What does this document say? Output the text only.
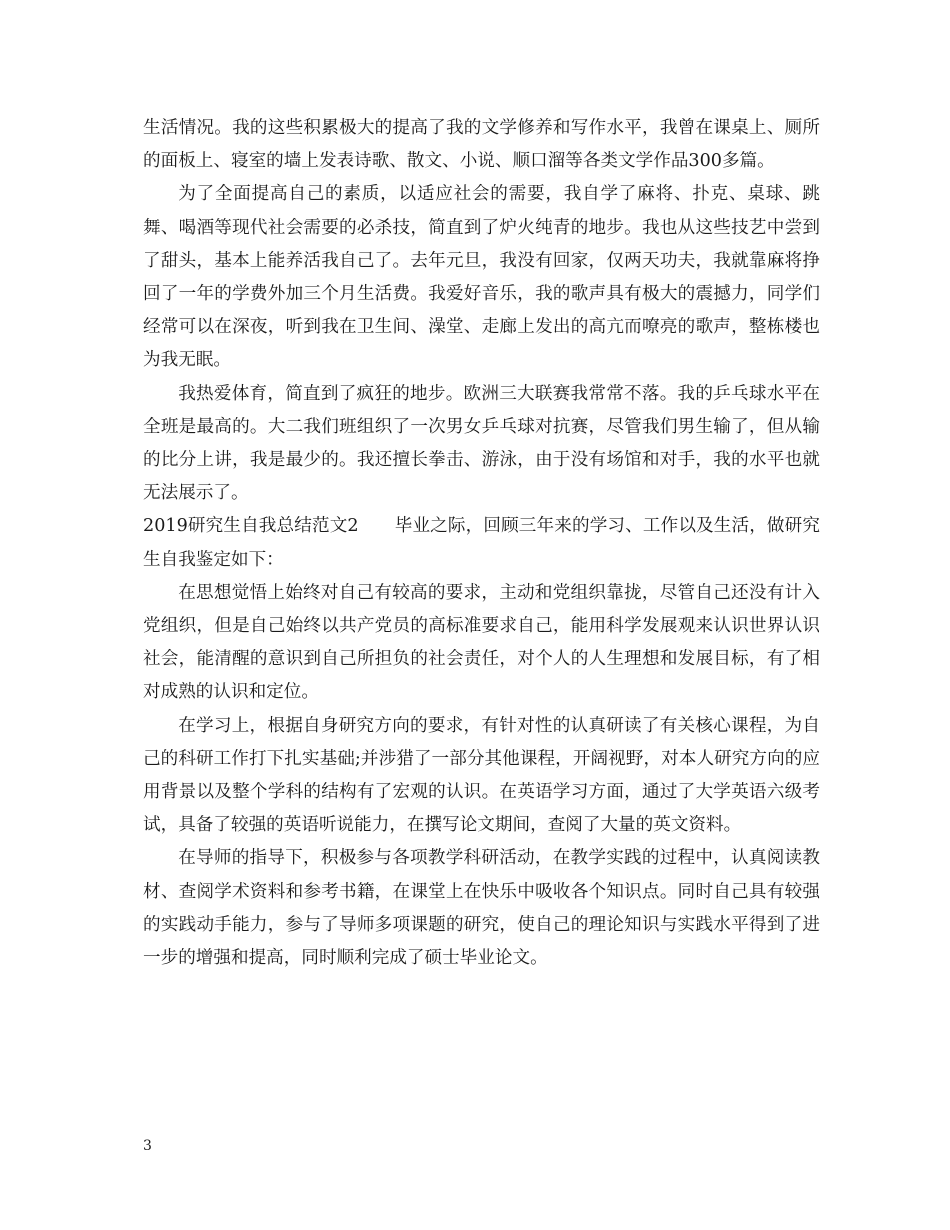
生活情况。我的这些积累极大的提高了我的文学修养和写作水平，我曾在课桌上、厕所的面板上、寝室的墙上发表诗歌、散文、小说、顺口溜等各类文学作品300多篇。

为了全面提高自己的素质，以适应社会的需要，我自学了麻将、扑克、桌球、跳舞、喝酒等现代社会需要的必杀技，简直到了炉火纯青的地步。我也从这些技艺中尝到了甜头，基本上能养活我自己了。去年元旦，我没有回家，仅两天功夫，我就靠麻将挣回了一年的学费外加三个月生活费。我爱好音乐，我的歌声具有极大的震撼力，同学们经常可以在深夜，听到我在卫生间、澡堂、走廊上发出的高亢而嘹亮的歌声，整栋楼也为我无眠。

我热爱体育，简直到了疯狂的地步。欧洲三大联赛我常常不落。我的乒乓球水平在全班是最高的。大二我们班组织了一次男女乒乓球对抗赛，尽管我们男生输了，但从输的比分上讲，我是最少的。我还擅长拳击、游泳，由于没有场馆和对手，我的水平也就无法展示了。

2019研究生自我总结范文2 毕业之际，回顾三年来的学习、工作以及生活，做研究生自我鉴定如下：

在思想觉悟上始终对自己有较高的要求，主动和党组织靠拢，尽管自己还没有计入党组织，但是自己始终以共产党员的高标准要求自己，能用科学发展观来认识世界认识社会，能清醒的意识到自己所担负的社会责任，对个人的人生理想和发展目标，有了相对成熟的认识和定位。

在学习上，根据自身研究方向的要求，有针对性的认真研读了有关核心课程，为自己的科研工作打下扎实基础;并涉猎了一部分其他课程，开阔视野，对本人研究方向的应用背景以及整个学科的结构有了宏观的认识。在英语学习方面，通过了大学英语六级考试，具备了较强的英语听说能力，在撰写论文期间，查阅了大量的英文资料。

在导师的指导下，积极参与各项教学科研活动，在教学实践的过程中，认真阅读教材、查阅学术资料和参考书籍，在课堂上在快乐中吸收各个知识点。同时自己具有较强的实践动手能力，参与了导师多项课题的研究，使自己的理论知识与实践水平得到了进一步的增强和提高，同时顺利完成了硕士毕业论文。

3
